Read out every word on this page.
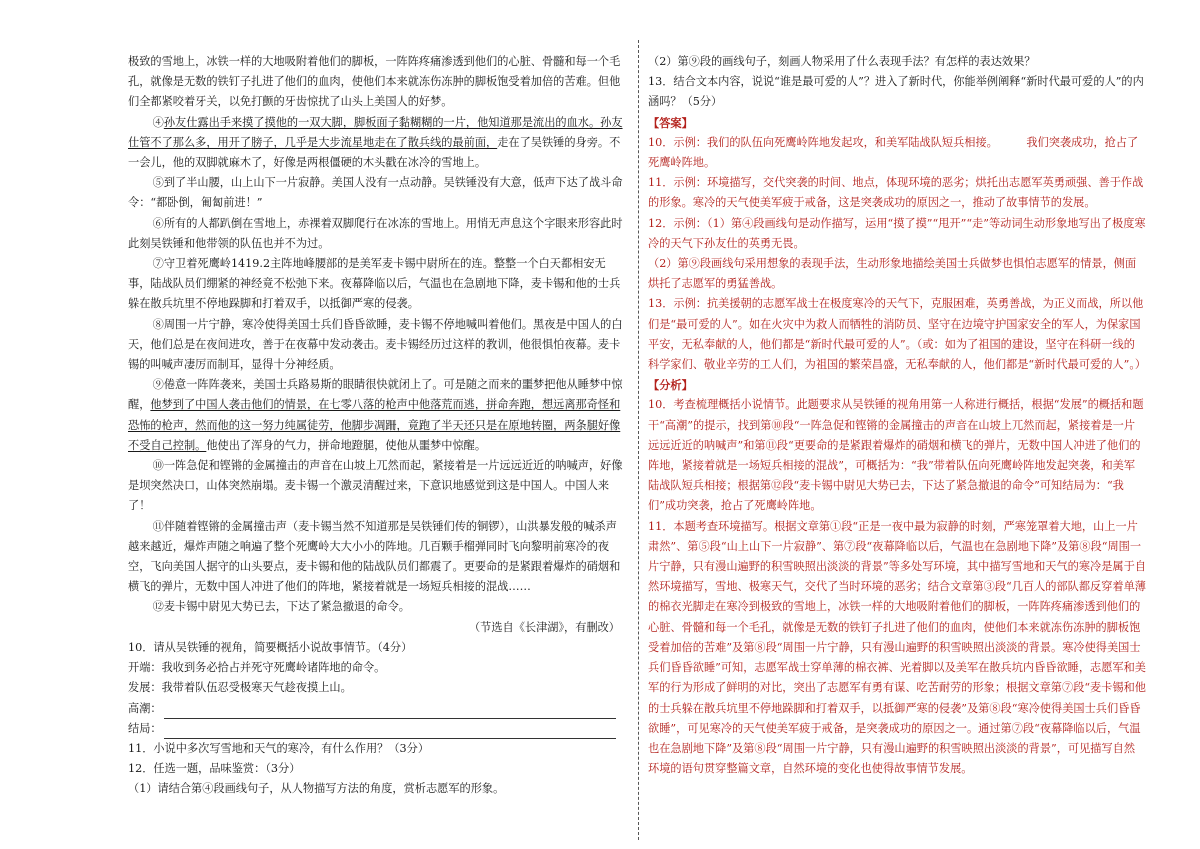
极致的雪地上，冰铁一样的大地吸附着他们的脚板，一阵阵疼痛渗透到他们的心脏、骨髓和每一个毛孔，就像是无数的铁钉子扎进了他们的血肉，使他们本来就冻伤冻肿的脚板饱受着加倍的苦难。但他们全都紧咬着牙关，以免打颤的牙齿惊扰了山头上美国人的好梦。

④孙友仕露出手来摸了摸他的一双大脚，脚板面子黏糊糊的一片，他知道那是流出的血水。孙友仕管不了那么多，用开了膀子，几乎是大步流星地走在了散兵线的最前面，走在了吴铁锤的身旁。不一会儿，他的双脚就麻木了，好像是两根僵硬的木头戳在冰冷的雪地上。

⑤到了半山腰，山上山下一片寂静。美国人没有一点动静。吴铁锤没有大意，低声下达了战斗命令：“都卧倒，匍匐前进！”

⑥所有的人都趴倒在雪地上，赤裸着双脚爬行在冰冻的雪地上。用悄无声息这个字眼来形容此时此刻吴铁锤和他带领的队伍也并不为过。

⑦守卫着死鹰岭1419.2主阵地峰腰部的是美军麦卡锡中尉所在的连。整整一个白天都相安无事，陆战队员们绷紧的神经竟不松弛下来。夜幕降临以后，气温也在急剧地下降，麦卡锡和他的士兵躲在散兵坑里不停地跺脚和打着双手，以抵御严寒的侵袭。

⑧周围一片宁静，寒冷使得美国士兵们昏昏欲睡，麦卡锡不停地喊叫着他们。黑夜是中国人的白天，他们总是在夜间进攻，善于在夜幕中发动袭击。麦卡锡经历过这样的教训，他很惧怕夜幕。麦卡锡的叫喊声凄厉而制耳，显得十分神经质。

⑨倦意一阵阵袭来，美国士兵路易斯的眼睛很快就闭上了。可是随之而来的噩梦把他从睡梦中惊醒，他梦到了中国人袭击他们的情景，在七零八落的枪声中他落荒而逃，拼命奔跑，想远离那奇怪和恐怖的枪声，然而他的这一努力纯属徒劳，他脚步凋跚，竟跑了半天还只是在原地转圈，两条腿好像不受自己控制。他使出了浑身的气力，拼命地蹬腿，使他从噩梦中惊醒。

⑩一阵急促和铿锵的金属撞击的声音在山坡上兀然而起，紧接着是一片远远近近的呐喊声，好像是坝突然决口，山体突然崩塌。麦卡锡一个激灵清醒过来，下意识地感觉到这是中国人。中国人来了！

⑪伴随着铿锵的金属撞击声（麦卡锡当然不知道那是吴铁锤们传的铜锣），山洪暴发般的喊杀声越来越近，爆炸声随之响遍了整个死鹰岭大大小小的阵地。几百颗手榴弹同时飞向黎明前寒冷的夜空，飞向美国人据守的山头要点，麦卡锡和他的陆战队员们都震了。更要命的是紧跟着爆炸的硝烟和横飞的弹片，无数中国人冲进了他们的阵地，紧接着就是一场短兵相接的混战……

⑫麦卡锡中尉见大势已去，下达了紧急撤退的命令。

（节选自《长津湖》，有删改）

10．请从吴铁锤的视角，简要概括小说故事情节。（4分）

开端：我收到务必拾占并死守死鹰岭诸阵地的命令。

发展：我带着队伍忍受极寒天气趁夜摸上山。

高潮：
结局：

11．小说中多次写雪地和天气的寒冷，有什么作用？（3分）

12．任选一题，品味鉴赏：（3分）

（1）请结合第④段画线句子，从人物描写方法的角度，赏析志愿军的形象。

（2）第⑨段的画线句子，刻画人物采用了什么表现手法？有怎样的表达效果？

13．结合文本内容，说说“谁是最可爱的人”？进入了新时代，你能举例阐释“新时代最可爱的人”的内涵吗？（5分）

【答案】

10．示例：我们的队伍向死鹰岭阵地发起攻，和美军陆战队短兵相接。	我们突袭成功，抢占了死鹰岭阵地。

11．示例：环境描写，交代突袭的时间、地点，体现环境的恶劣；烘托出志愿军英勇顽强、善于作战的形象。寒冷的天气使美军疲于戒备，这是突袭成功的原因之一，推动了故事情节的发展。

12．示例：（1）第④段画线句是动作描写，运用“摸了摸”“甩开”“走”等动词生动形象地写出了极度寒冷的天气下孙友仕的英勇无畏。

（2）第⑨段画线句采用想象的表现手法，生动形象地描绘美国士兵做梦也惧怕志愿军的情景，侧面烘托了志愿军的勇猛善战。

13．示例：抗美援朝的志愿军战士在极度寒冷的天气下，克服困难，英勇善战，为正义而战，所以他们是“最可爱的人”。如在火灾中为救人而牺牲的消防员、坚守在边境守护国家安全的军人，为保家国平安，无私奉献的人，他们都是“新时代最可爱的人”。（或：如为了祖国的建设，坚守在科研一线的科学家们、敬业辛劳的工人们，为祖国的繁荣昌盛，无私奉献的人，他们都是“新时代最可爱的人”。）

【分析】

10．考查梳理概括小说情节。此题要求从吴铁锤的视角用第一人称进行概括，根据“发展”的概括和题干“高潮”的提示，找到第⑩段“一阵急促和铿锵的金属撞击的声音在山坡上兀然而起，紧接着是一片远远近近的呐喊声”和第⑪段“更要命的是紧跟着爆炸的硝烟和横飞的弹片，无数中国人冲进了他们的阵地，紧接着就是一场短兵相接的混战”，可概括为：“我”带着队伍向死鹰岭阵地发起突袭，和美军陆战队短兵相接；根据第⑫段“麦卡锡中尉见大势已去，下达了紧急撤退的命令”可知结局为：“我们”成功突袭，抢占了死鹰岭阵地。

11．本题考查环境描写。根据文章第①段“正是一夜中最为寂静的时刻，严寒笼罩着大地，山上一片肃然”、第⑤段“山上山下一片寂静”、第⑦段“夜幕降临以后，气温也在急剧地下降”及第⑧段“周围一片宁静，只有漫山遍野的积雪映照出淡淡的背景”等多处写环境，其中描写雪地和天气的寒冷是属于自然环境描写，雪地、极寒天气，交代了当时环境的恶劣；结合文章第③段“几百人的部队都反穿着单薄的棉衣光脚走在寒冷到极致的雪地上，冰铁一样的大地吸附着他们的脚板，一阵阵疼痛渗透到他们的心脏、骨髓和每一个毛孔，就像是无数的铁钉子扎进了他们的血肉，使他们本来就冻伤冻肿的脚板饱受着加倍的苦难”及第⑧段“周围一片宁静，只有漫山遍野的积雪映照出淡淡的背景。寒冷使得美国士兵们昏昏欲睡”可知，志愿军战士穿单薄的棉衣裤、光着脚以及美军在散兵坑内昏昏欲睡，志愿军和美军的行为形成了鲜明的对比，突出了志愿军有勇有谋、吃苦耐劳的形象；根据文章第⑦段“麦卡锡和他的士兵躲在散兵坑里不停地跺脚和打着双手，以抵御严寒的侵袭”及第⑧段“寒冷使得美国士兵们昏昏欲睡”，可见寒冷的天气使美军疲于戒备，是突袭成功的原因之一。通过第⑦段“夜幕降临以后，气温也在急剧地下降”及第⑧段“周围一片宁静，只有漫山遍野的积雪映照出淡淡的背景”，可见描写自然环境的语句贯穿整篇文章，自然环境的变化也使得故事情节发展。
